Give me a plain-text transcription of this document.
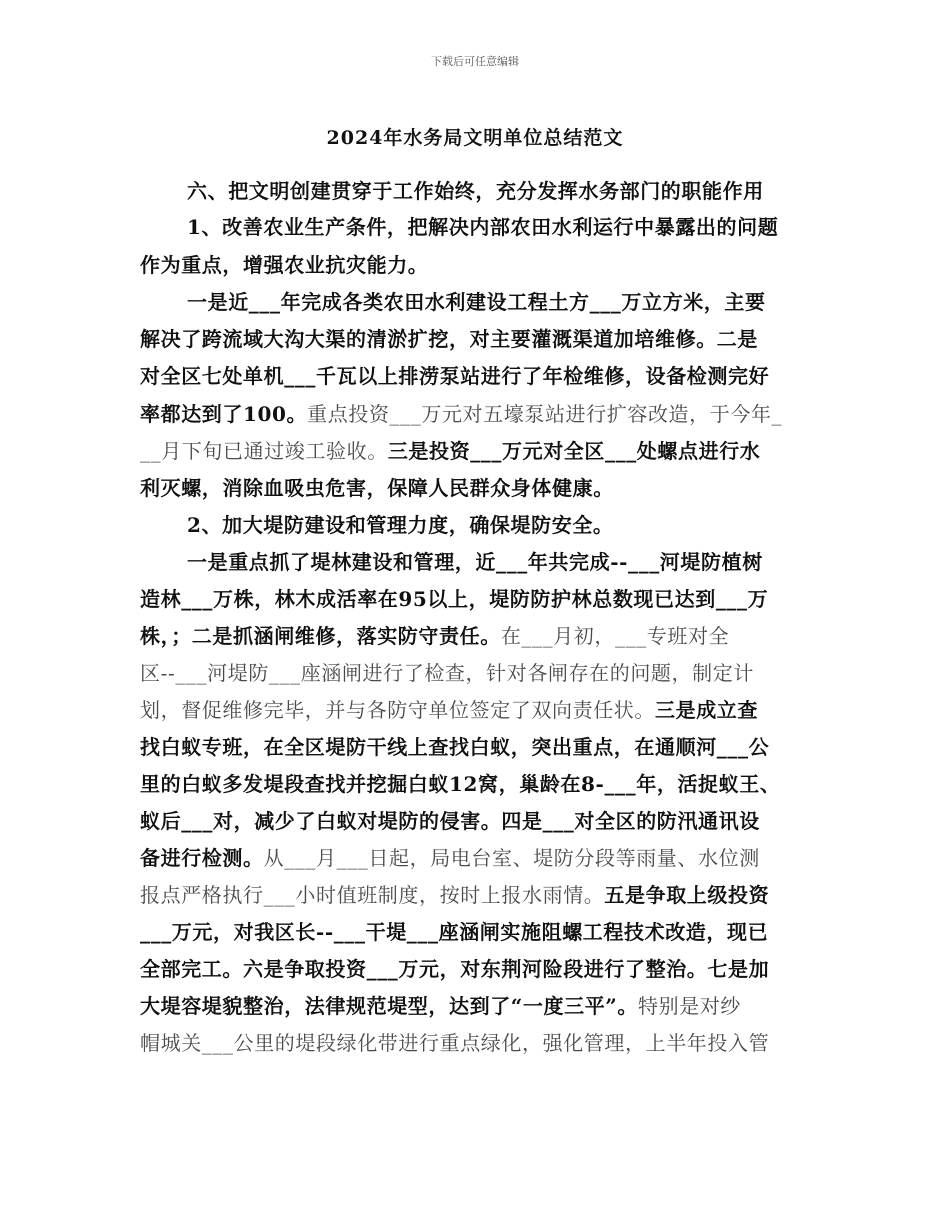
下载后可任意编辑
2024年水务局文明单位总结范文
六、把文明创建贯穿于工作始终，充分发挥水务部门的职能作用
1、改善农业生产条件，把解决内部农田水利运行中暴露出的问题
作为重点，增强农业抗灾能力。
一是近___年完成各类农田水利建设工程土方___万立方米，主要
解决了跨流域大沟大渠的清淤扩挖，对主要灌溉渠道加培维修。二是
对全区七处单机___千瓦以上排涝泵站进行了年检维修，设备检测完好
率都达到了100。重点投资___万元对五壕泵站进行扩容改造，于今年_
__月下旬已通过竣工验收。三是投资___万元对全区___处螺点进行水
利灭螺，消除血吸虫危害，保障人民群众身体健康。
2、加大堤防建设和管理力度，确保堤防安全。
一是重点抓了堤林建设和管理，近___年共完成--___河堤防植树
造林___万株，林木成活率在95以上，堤防防护林总数现已达到___万
株，；二是抓涵闸维修，落实防守责任。在___月初，___专班对全
区--___河堤防___座涵闸进行了检查，针对各闸存在的问题，制定计
划，督促维修完毕，并与各防守单位签定了双向责任状。三是成立查
找白蚁专班，在全区堤防干线上查找白蚁，突出重点，在通顺河___公
里的白蚁多发堤段查找并挖掘白蚁12窝，巢龄在8-___年，活捉蚁王、
蚁后___对，减少了白蚁对堤防的侵害。四是___对全区的防汛通讯设
备进行检测。从___月___日起，局电台室、堤防分段等雨量、水位测
报点严格执行___小时值班制度，按时上报水雨情。五是争取上级投资
___万元，对我区长--___干堤___座涵闸实施阻螺工程技术改造，现已
全部完工。六是争取投资___万元，对东荆河险段进行了整治。七是加
大堤容堤貌整治，法律规范堤型，达到了“一度三平”。特别是对纱
帽城关___公里的堤段绿化带进行重点绿化，强化管理，上半年投入管
